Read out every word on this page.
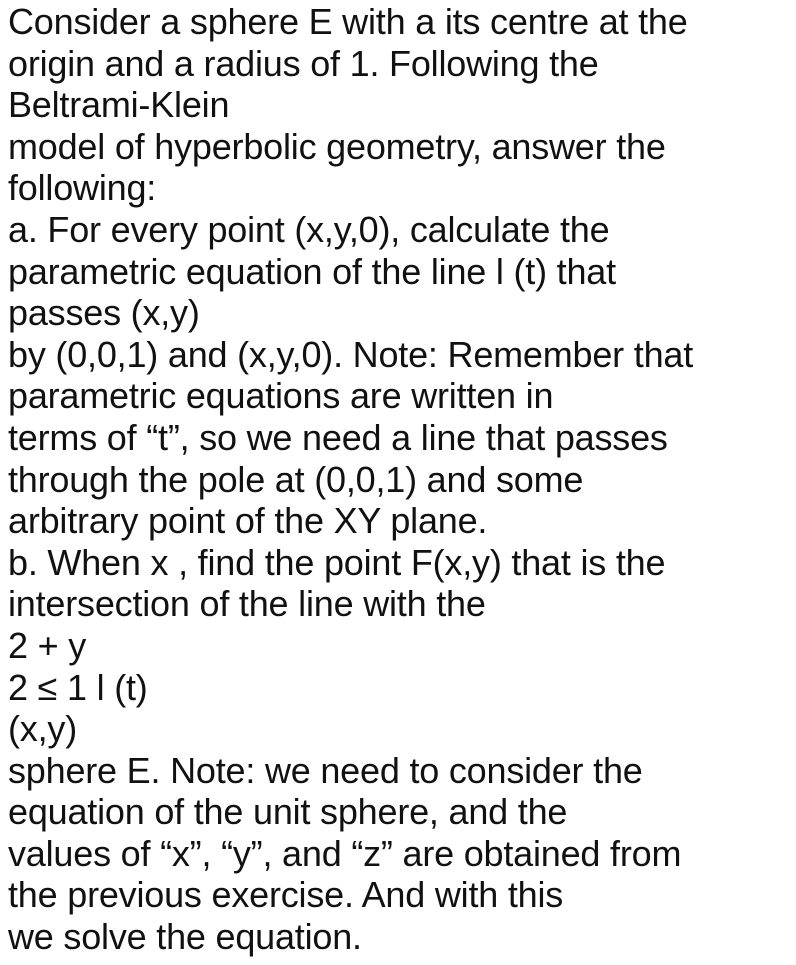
Consider a sphere E with a its centre at the
origin and a radius of 1. Following the
Beltrami-Klein
model of hyperbolic geometry, answer the
following:
a. For every point (x,y,0), calculate the
parametric equation of the line l (t) that
passes (x,y)
by (0,0,1) and (x,y,0). Note: Remember that
parametric equations are written in
terms of “t”, so we need a line that passes
through the pole at (0,0,1) and some
arbitrary point of the XY plane.
b. When x , find the point F(x,y) that is the
intersection of the line with the
2 + y
2 ≤ 1 l (t)
(x,y)
sphere E. Note: we need to consider the
equation of the unit sphere, and the
values of “x”, “y”, and “z” are obtained from
the previous exercise. And with this
we solve the equation.
